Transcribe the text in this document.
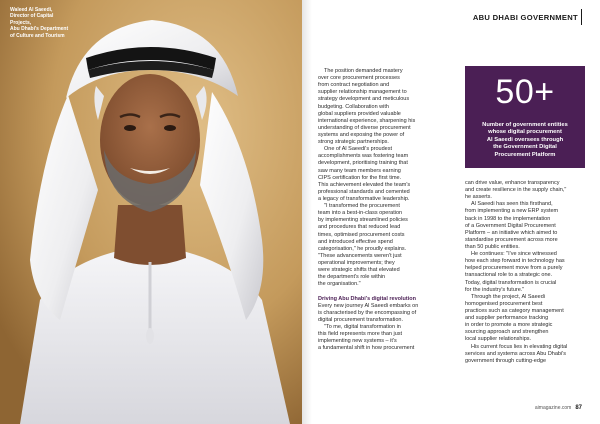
Waleed Al Saeedi,
Director of Capital
Projects,
Abu Dhabi's Department
of Culture and Tourism
ABU DHABI GOVERNMENT
The position demanded mastery
over core procurement processes
from contract negotiation and
supplier relationship management to
strategy development and meticulous
budgeting. Collaboration with
global suppliers provided valuable
international experience, sharpening his
understanding of diverse procurement
systems and exposing the power of
strong strategic partnerships.
One of Al Saeedi's proudest
accomplishments was fostering team
development, prioritising training that
saw many team members earning
CIPS certification for the first time.
This achievement elevated the team's
professional standards and cemented
a legacy of transformative leadership.
"I transformed the procurement
team into a best-in-class operation
by implementing streamlined policies
and procedures that reduced lead
times, optimised procurement costs
and introduced effective spend
categorisation," he proudly explains.
"These advancements weren't just
operational improvements; they
were strategic shifts that elevated
the department's role within
the organisation."
Driving Abu Dhabi's digital revolution
Every new journey Al Saeedi embarks on
is characterised by the encompassing of
digital procurement transformation.
"To me, digital transformation in
this field represents more than just
implementing new systems – it's
a fundamental shift in how procurement
50+
Number of government entities
whose digital procurement
Al Saeedi oversees through
the Government Digital
Procurement Platform
can drive value, enhance transparency
and create resilience in the supply chain,"
he asserts.
Al Saeedi has seen this firsthand,
from implementing a new ERP system
back in 1998 to the implementation
of a Government Digital Procurement
Platform – an initiative which aimed to
standardise procurement across more
than 50 public entities.
He continues: "I've since witnessed
how each step forward in technology has
helped procurement move from a purely
transactional role to a strategic one.
Today, digital transformation is crucial
for the industry's future."
Through the project, Al Saeedi
homogenised procurement best
practices such as category management
and supplier performance tracking
in order to promote a more strategic
sourcing approach and strengthen
local supplier relationships.
His current focus lies in elevating digital
services and systems across Abu Dhabi's
government through cutting-edge
aimagazine.com 87
